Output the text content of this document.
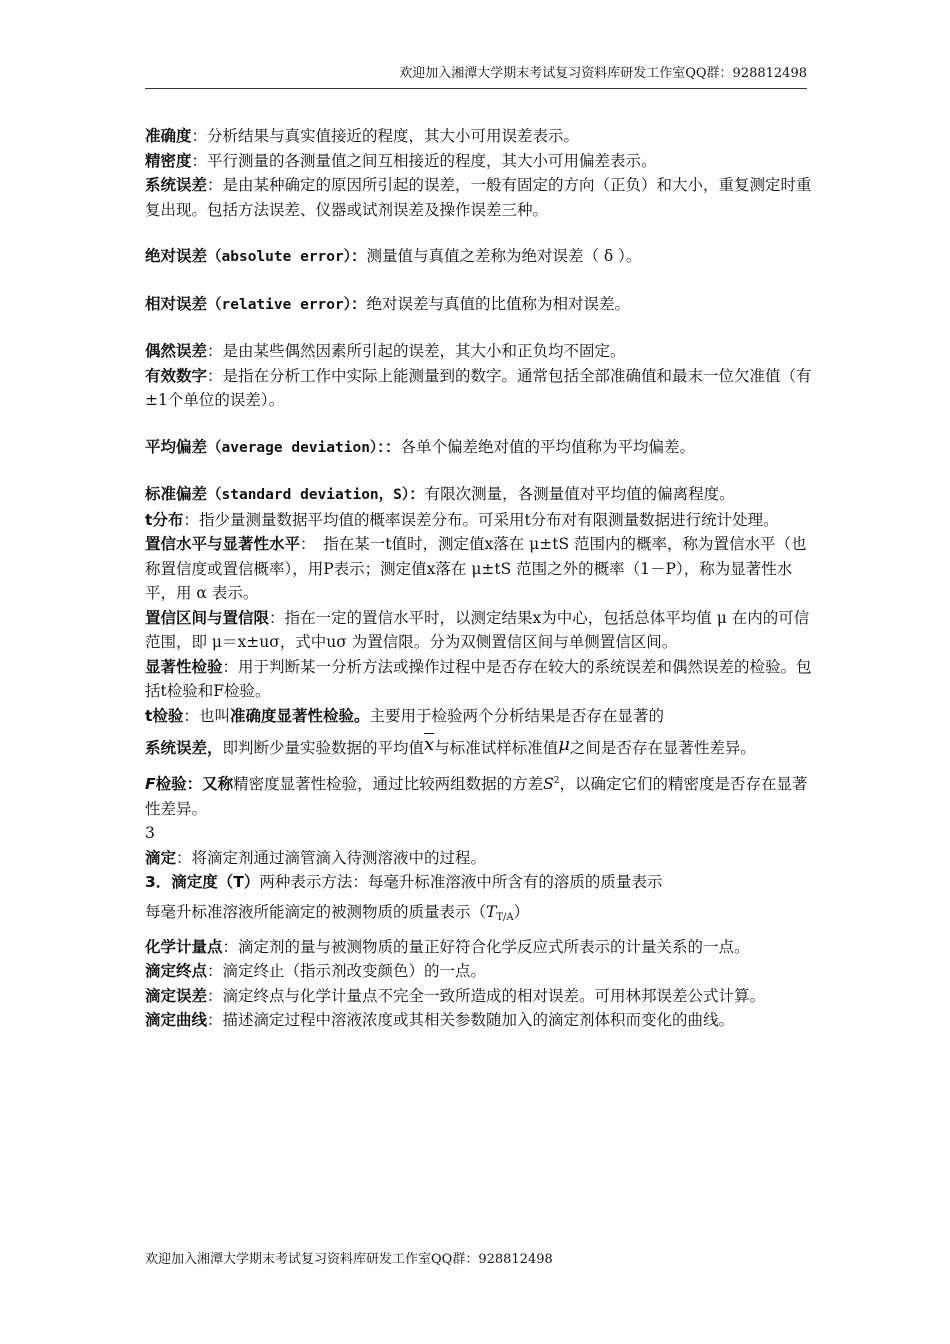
欢迎加入湘潭大学期末考试复习资料库研发工作室QQ群：928812498

准确度：分析结果与真实值接近的程度，其大小可用误差表示。

精密度：平行测量的各测量值之间互相接近的程度，其大小可用偏差表示。

系统误差：是由某种确定的原因所引起的误差，一般有固定的方向（正负）和大小，重复测定时重复出现。包括方法误差、仪器或试剂误差及操作误差三种。

绝对误差（absolute error）：测量值与真值之差称为绝对误差（ δ ）。

相对误差（relative error）：绝对误差与真值的比值称为相对误差。

偶然误差：是由某些偶然因素所引起的误差，其大小和正负均不固定。

有效数字：是指在分析工作中实际上能测量到的数字。通常包括全部准确值和最末一位欠准值（有±1个单位的误差）。

平均偏差（average deviation）：：各单个偏差绝对值的平均值称为平均偏差。

标准偏差（standard deviation，S）：有限次测量，各测量值对平均值的偏离程度。

t分布：指少量测量数据平均值的概率误差分布。可采用t分布对有限测量数据进行统计处理。

置信水平与显著性水平：　指在某一t值时，测定值x落在 μ±tS 范围内的概率，称为置信水平（也称置信度或置信概率），用P表示；测定值x落在 μ±tS 范围之外的概率（1－P），称为显著性水平，用 α 表示。

置信区间与置信限：指在一定的置信水平时，以测定结果x为中心，包括总体平均值 μ 在内的可信范围，即 μ＝x±uσ，式中uσ 为置信限。分为双侧置信区间与单侧置信区间。

显著性检验：用于判断某一分析方法或操作过程中是否存在较大的系统误差和偶然误差的检验。包括t检验和F检验。

t检验：也叫准确度显著性检验。主要用于检验两个分析结果是否存在显著的
系统误差，即判断少量实验数据的平均值$\overline{x}$与标准试样标准值μ之间是否存在显著性差异。

F检验：又称精密度显著性检验，通过比较两组数据的方差$S^2$，以确定它们的精密度是否存在显著性差异。

3

滴定：将滴定剂通过滴管滴入待测溶液中的过程。

3．滴定度（T）两种表示方法：每毫升标准溶液中所含有的溶质的质量表示

每毫升标准溶液所能滴定的被测物质的质量表示$(T_{T/A})$

化学计量点：滴定剂的量与被测物质的量正好符合化学反应式所表示的计量关系的一点。

滴定终点：滴定终止（指示剂改变颜色）的一点。

滴定误差：滴定终点与化学计量点不完全一致所造成的相对误差。可用林邦误差公式计算。

滴定曲线：描述滴定过程中溶液浓度或其相关参数随加入的滴定剂体积而变化的曲线。

欢迎加入湘潭大学期末考试复习资料库研发工作室QQ群：928812498
